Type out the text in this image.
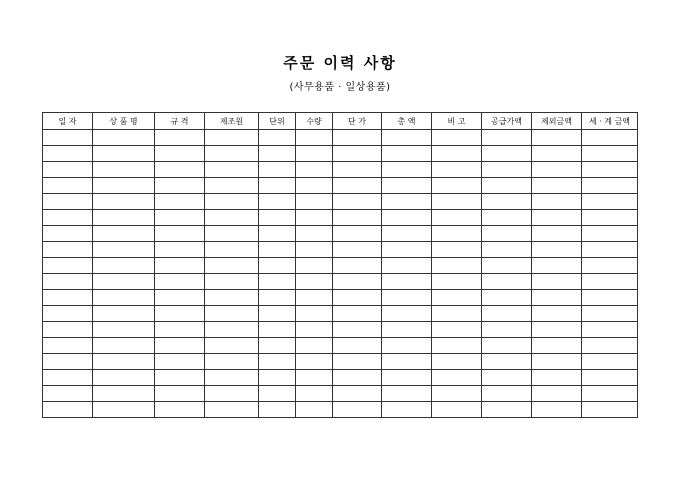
주문 이력 사항
(사무용품 · 일상용품)
일 자	상 품 명	규 격	제조원	단위	수량	단 가	총 액	비 고	공급가액	제외금액	세 · 계 금액
